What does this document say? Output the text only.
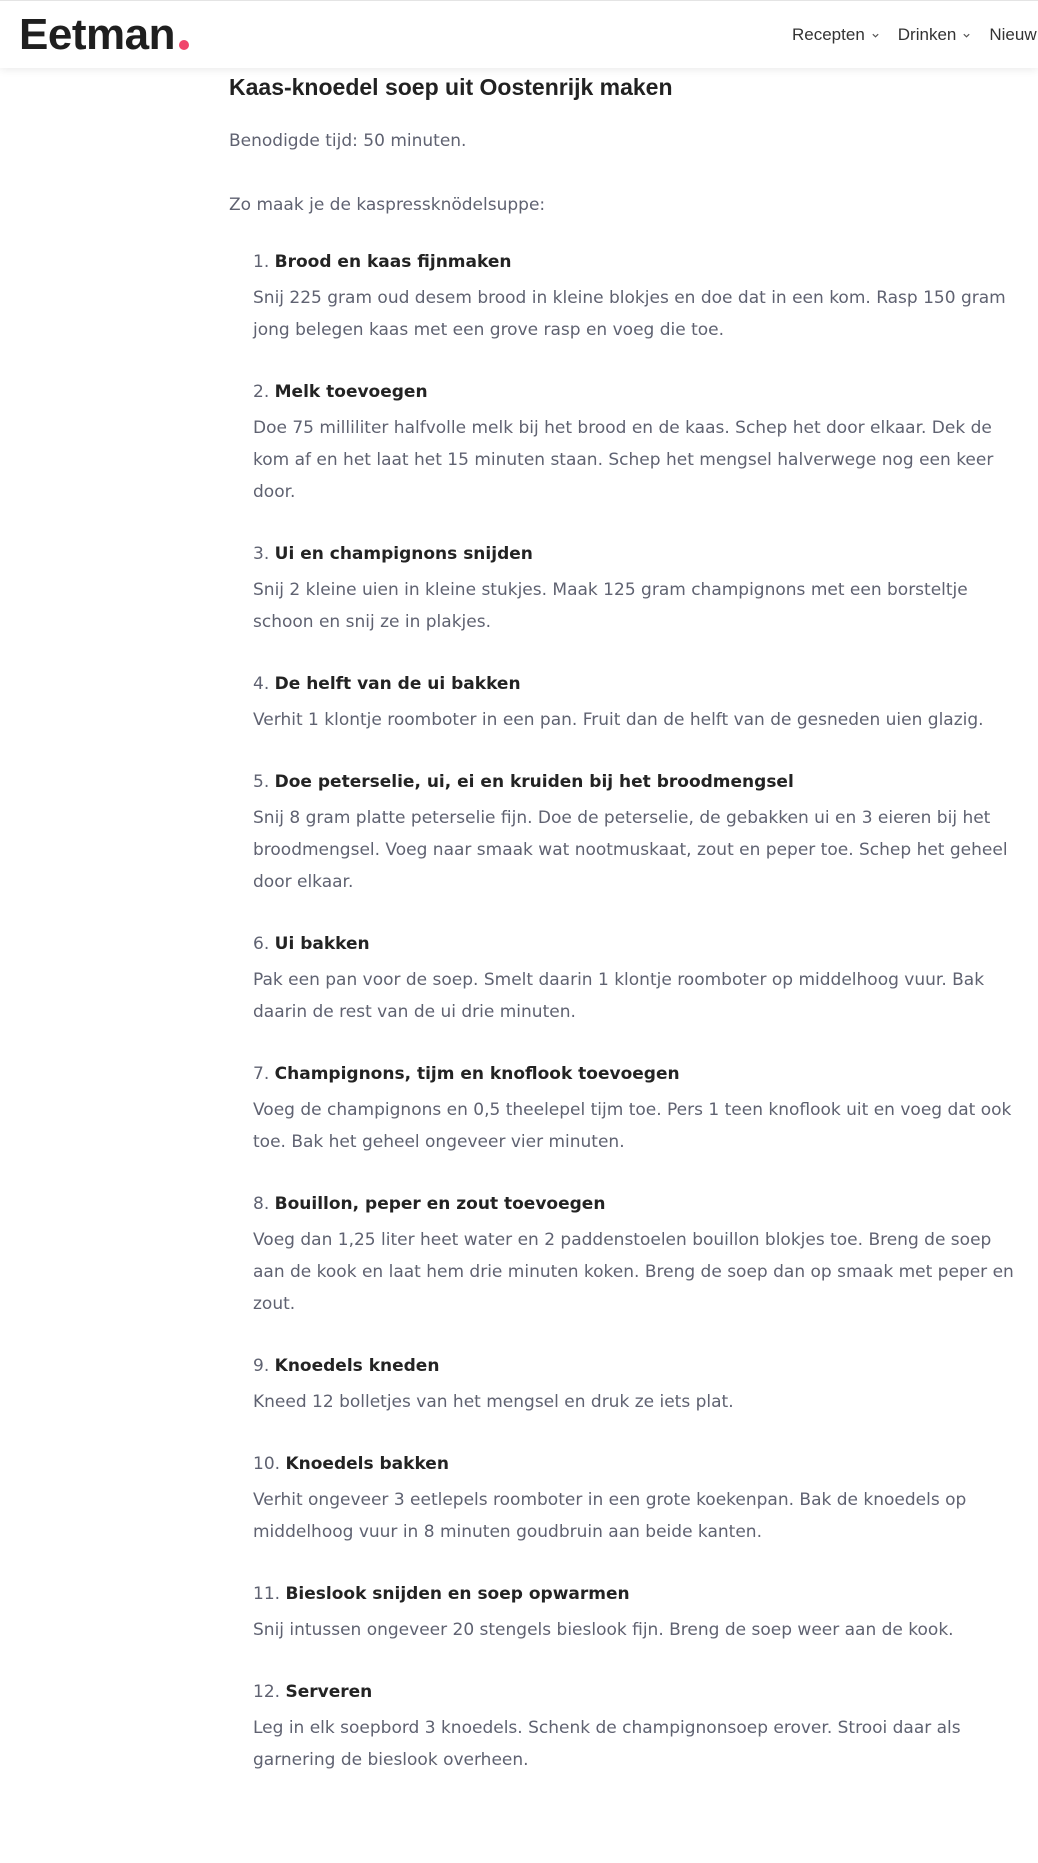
Eetman	Recepten Drinken Nieuw
Kaas-knoedel soep uit Oostenrijk maken

Benodigde tijd: 50 minuten.

Zo maak je de kaspressknödelsuppe:

1. Brood en kaas fijnmaken

Snij 225 gram oud desem brood in kleine blokjes en doe dat in een kom. Rasp 150 gram jong belegen kaas met een grove rasp en voeg die toe.

2. Melk toevoegen

Doe 75 milliliter halfvolle melk bij het brood en de kaas. Schep het door elkaar. Dek de kom af en het laat het 15 minuten staan. Schep het mengsel halverwege nog een keer door.

3. Ui en champignons snijden

Snij 2 kleine uien in kleine stukjes. Maak 125 gram champignons met een borsteltje schoon en snij ze in plakjes.

4. De helft van de ui bakken

Verhit 1 klontje roomboter in een pan. Fruit dan de helft van de gesneden uien glazig.

5. Doe peterselie, ui, ei en kruiden bij het broodmengsel

Snij 8 gram platte peterselie fijn. Doe de peterselie, de gebakken ui en 3 eieren bij het broodmengsel. Voeg naar smaak wat nootmuskaat, zout en peper toe. Schep het geheel door elkaar.

6. Ui bakken

Pak een pan voor de soep. Smelt daarin 1 klontje roomboter op middelhoog vuur. Bak daarin de rest van de ui drie minuten.

7. Champignons, tijm en knoflook toevoegen

Voeg de champignons en 0,5 theelepel tijm toe. Pers 1 teen knoflook uit en voeg dat ook toe. Bak het geheel ongeveer vier minuten.

8. Bouillon, peper en zout toevoegen

Voeg dan 1,25 liter heet water en 2 paddenstoelen bouillon blokjes toe. Breng de soep aan de kook en laat hem drie minuten koken. Breng de soep dan op smaak met peper en zout.

9. Knoedels kneden

Kneed 12 bolletjes van het mengsel en druk ze iets plat.

10. Knoedels bakken

Verhit ongeveer 3 eetlepels roomboter in een grote koekenpan. Bak de knoedels op middelhoog vuur in 8 minuten goudbruin aan beide kanten.

11. Bieslook snijden en soep opwarmen

Snij intussen ongeveer 20 stengels bieslook fijn. Breng de soep weer aan de kook.

12. Serveren

Leg in elk soepbord 3 knoedels. Schenk de champignonsoep erover. Strooi daar als garnering de bieslook overheen.
